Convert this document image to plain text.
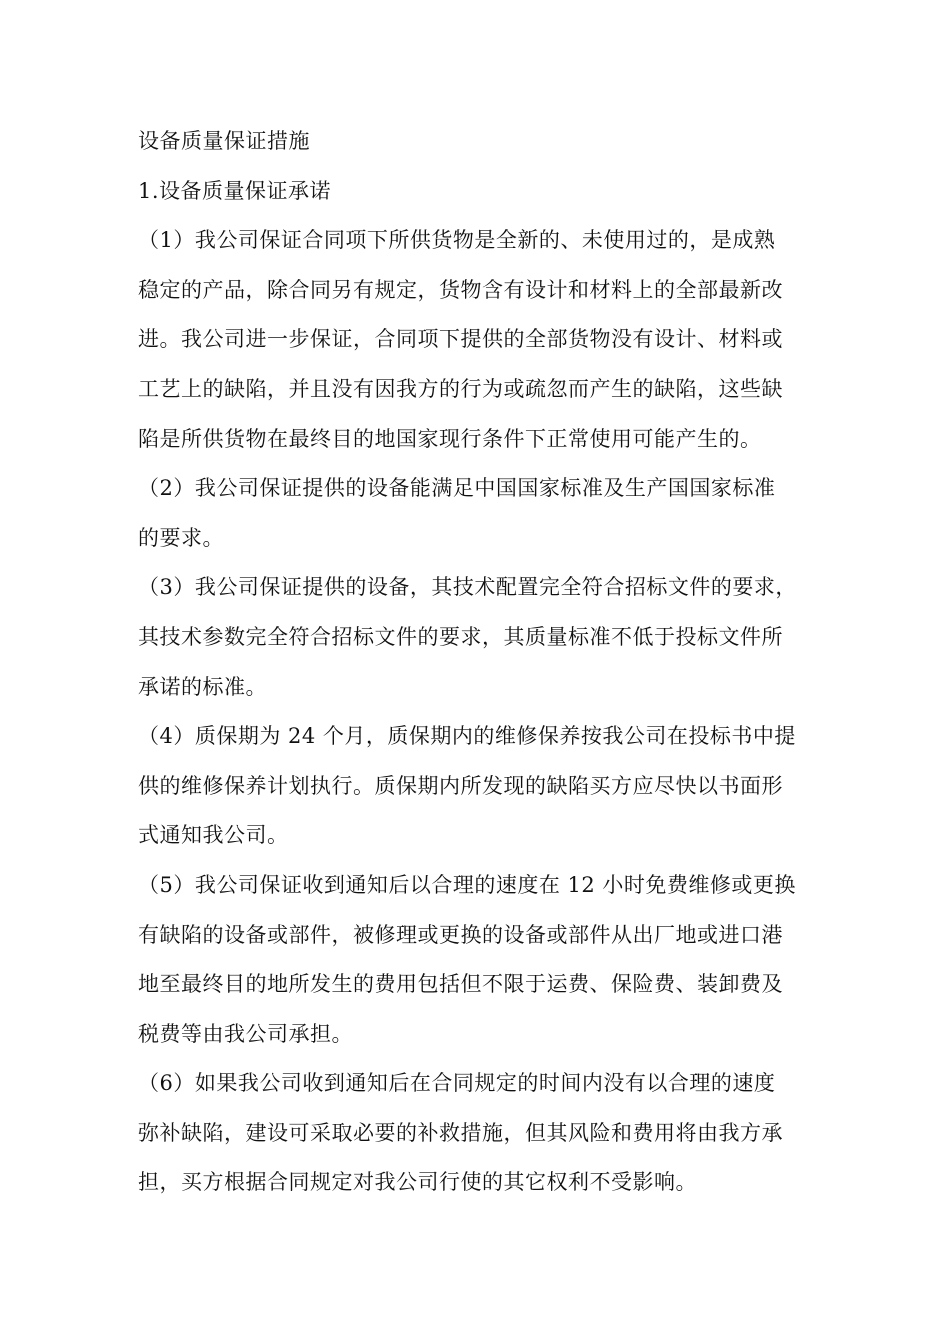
设备质量保证措施
1.设备质量保证承诺
（1）我公司保证合同项下所供货物是全新的、未使用过的，是成熟
稳定的产品，除合同另有规定，货物含有设计和材料上的全部最新改
进。我公司进一步保证，合同项下提供的全部货物没有设计、材料或
工艺上的缺陷，并且没有因我方的行为或疏忽而产生的缺陷，这些缺
陷是所供货物在最终目的地国家现行条件下正常使用可能产生的。
（2）我公司保证提供的设备能满足中国国家标准及生产国国家标准
的要求。
（3）我公司保证提供的设备，其技术配置完全符合招标文件的要求，
其技术参数完全符合招标文件的要求，其质量标准不低于投标文件所
承诺的标准。
（4）质保期为 24 个月，质保期内的维修保养按我公司在投标书中提
供的维修保养计划执行。质保期内所发现的缺陷买方应尽快以书面形
式通知我公司。
（5）我公司保证收到通知后以合理的速度在 12 小时免费维修或更换
有缺陷的设备或部件，被修理或更换的设备或部件从出厂地或进口港
地至最终目的地所发生的费用包括但不限于运费、保险费、装卸费及
税费等由我公司承担。
（6）如果我公司收到通知后在合同规定的时间内没有以合理的速度
弥补缺陷，建设可采取必要的补救措施，但其风险和费用将由我方承
担，买方根据合同规定对我公司行使的其它权利不受影响。
